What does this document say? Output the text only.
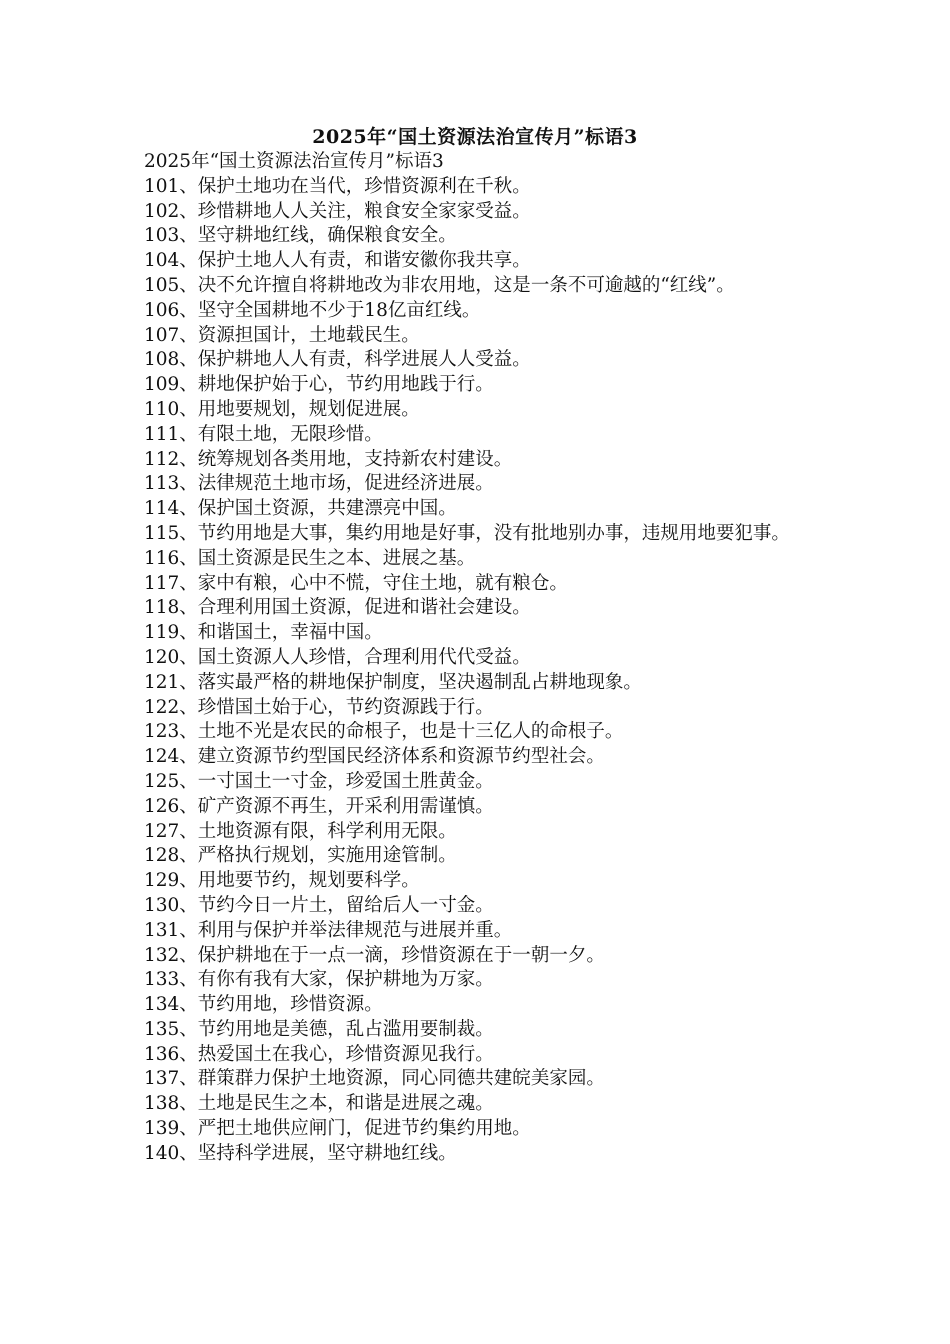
2025年“国土资源法治宣传月”标语3

2025年“国土资源法治宣传月”标语3

101、保护土地功在当代，珍惜资源利在千秋。

102、珍惜耕地人人关注，粮食安全家家受益。

103、坚守耕地红线，确保粮食安全。

104、保护土地人人有责，和谐安徽你我共享。

105、决不允许擅自将耕地改为非农用地，这是一条不可逾越的“红线”。

106、坚守全国耕地不少于18亿亩红线。

107、资源担国计，土地载民生。

108、保护耕地人人有责，科学进展人人受益。

109、耕地保护始于心，节约用地践于行。

110、用地要规划，规划促进展。

111、有限土地，无限珍惜。

112、统筹规划各类用地，支持新农村建设。

113、法律规范土地市场，促进经济进展。

114、保护国土资源，共建漂亮中国。

115、节约用地是大事，集约用地是好事，没有批地别办事，违规用地要犯事。

116、国土资源是民生之本、进展之基。

117、家中有粮，心中不慌，守住土地，就有粮仓。

118、合理利用国土资源，促进和谐社会建设。

119、和谐国土，幸福中国。

120、国土资源人人珍惜，合理利用代代受益。

121、落实最严格的耕地保护制度，坚决遏制乱占耕地现象。

122、珍惜国土始于心，节约资源践于行。

123、土地不光是农民的命根子，也是十三亿人的命根子。

124、建立资源节约型国民经济体系和资源节约型社会。

125、一寸国土一寸金，珍爱国土胜黄金。

126、矿产资源不再生，开采利用需谨慎。

127、土地资源有限，科学利用无限。

128、严格执行规划，实施用途管制。

129、用地要节约，规划要科学。

130、节约今日一片土，留给后人一寸金。

131、利用与保护并举法律规范与进展并重。

132、保护耕地在于一点一滴，珍惜资源在于一朝一夕。

133、有你有我有大家，保护耕地为万家。

134、节约用地，珍惜资源。

135、节约用地是美德，乱占滥用要制裁。

136、热爱国土在我心，珍惜资源见我行。

137、群策群力保护土地资源，同心同德共建皖美家园。

138、土地是民生之本，和谐是进展之魂。

139、严把土地供应闸门，促进节约集约用地。

140、坚持科学进展，坚守耕地红线。
